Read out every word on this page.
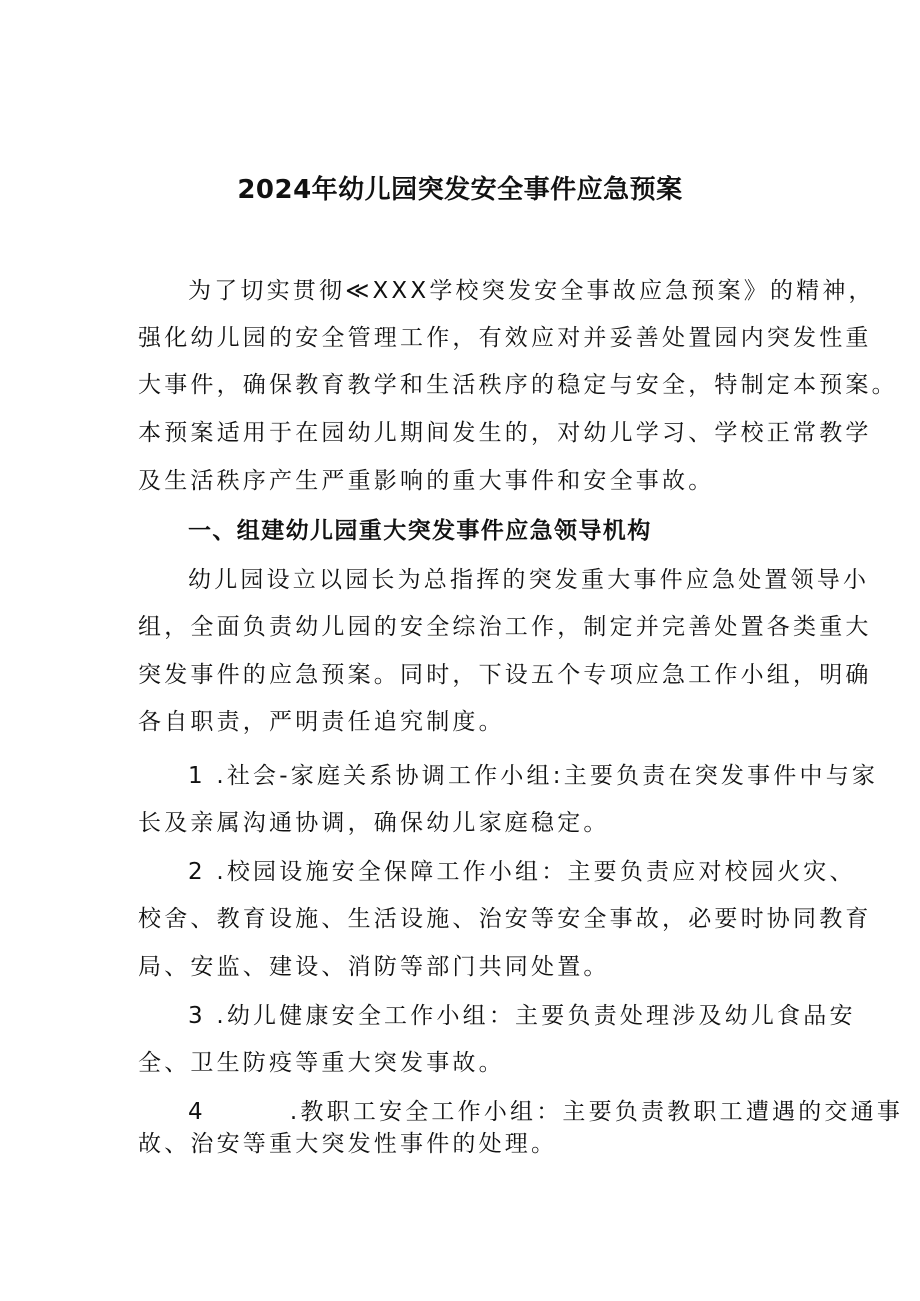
2024年幼儿园突发安全事件应急预案
为了切实贯彻≪XXX学校突发安全事故应急预案》的精神，
强化幼儿园的安全管理工作，有效应对并妥善处置园内突发性重
大事件，确保教育教学和生活秩序的稳定与安全，特制定本预案。
本预案适用于在园幼儿期间发生的，对幼儿学习、学校正常教学
及生活秩序产生严重影响的重大事件和安全事故。
一、组建幼儿园重大突发事件应急领导机构
幼儿园设立以园长为总指挥的突发重大事件应急处置领导小
组，全面负责幼儿园的安全综治工作，制定并完善处置各类重大
突发事件的应急预案。同时，下设五个专项应急工作小组，明确
各自职责，严明责任追究制度。
1 .社会-家庭关系协调工作小组:主要负责在突发事件中与家
长及亲属沟通协调，确保幼儿家庭稳定。
2 .校园设施安全保障工作小组：主要负责应对校园火灾、
校舍、教育设施、生活设施、治安等安全事故，必要时协同教育
局、安监、建设、消防等部门共同处置。
3 .幼儿健康安全工作小组：主要负责处理涉及幼儿食品安
全、卫生防疫等重大突发事故。
4        .教职工安全工作小组：主要负责教职工遭遇的交通事
故、治安等重大突发性事件的处理。
